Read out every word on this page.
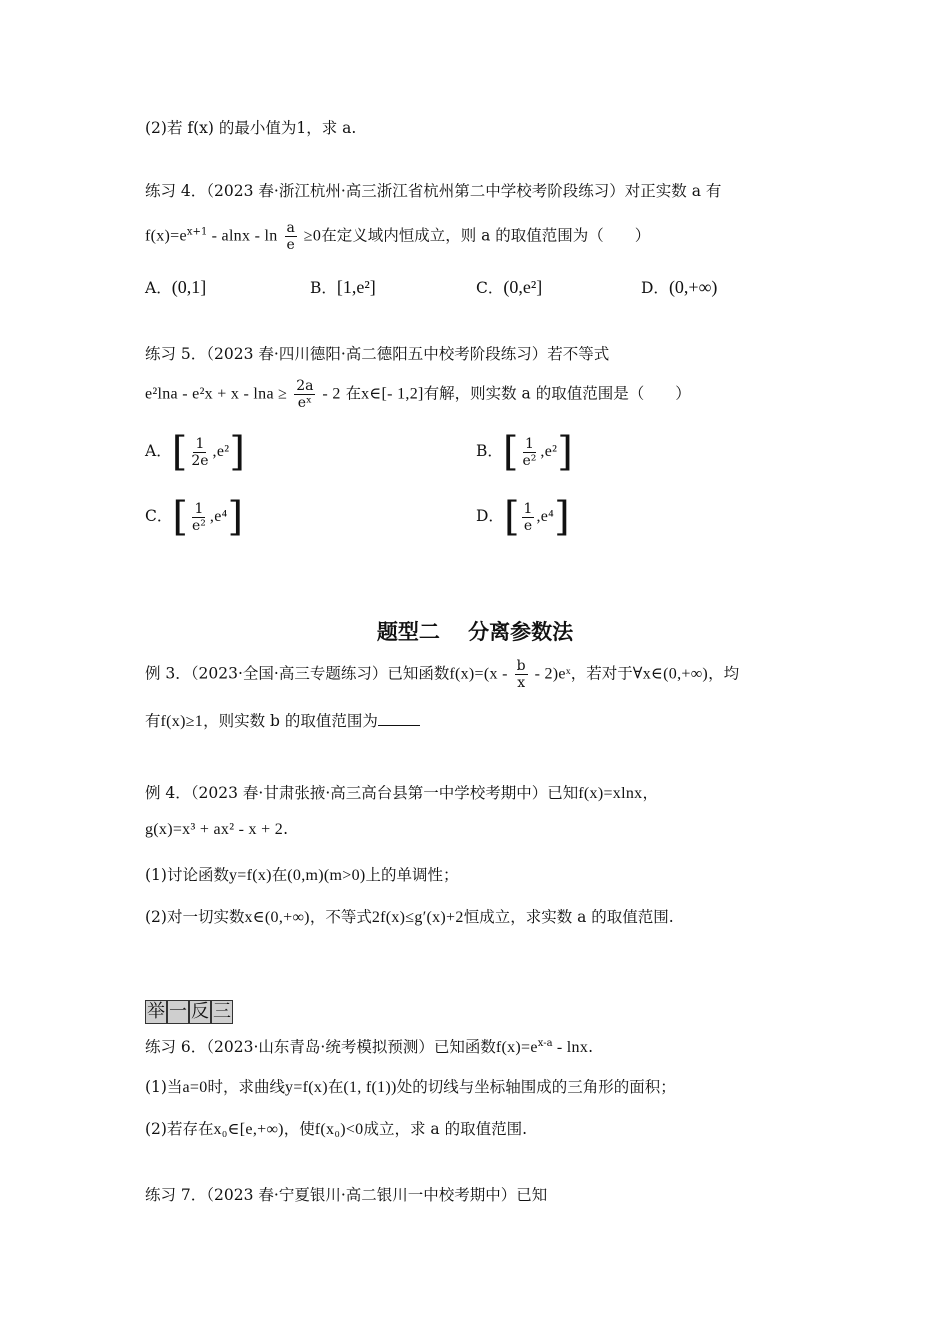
(2)若 f(x) 的最小值为1，求 a.
练习 4．（2023 春·浙江杭州·高三浙江省杭州第二中学校考阶段练习）对正实数 a 有
$f(x)=e^{x+1} - alnx - \ln \frac{a}{e} \ge 0$在定义域内恒成立，则 a 的取值范围为（　　）
A．(0,1]	B．[1,e²]	C．(0,e²]	D．(0,+∞)
练习 5．（2023 春·四川德阳·高二德阳五中校考阶段练习）若不等式
$e^2\ln a - e^2x + x - \ln a \ge \frac{2a}{\text{eˣ}} - 2$ 在x∈[- 1,2]有解，则实数 a 的取值范围是（　　）
A．[ $\frac{1}{2e} ,e^2$]	B．[ $\frac{1}{\text{e²}} ,e^2$]
C．[ $\frac{1}{\text{e²}} ,e^4$]	D．[ $\frac{1}{e} ,e^4$]
题型二　 分离参数法
例 3．（2023·全国·高三专题练习）已知函数$f(x)=(x - \frac{b}{x}$ - 2)eˣ，若对于∀x∈(0,+∞)，均
有f(x)≥1，则实数 b 的取值范围为
例 4．（2023 春·甘肃张掖·高三高台县第一中学校考期中）已知f(x)=xlnx，
g(x)=x³ + ax² - x + 2.
(1)讨论函数y=f(x)在(0,m)(m>0)上的单调性；
(2)对一切实数x∈(0,+∞)，不等式2f(x)≤g′(x)+2恒成立，求实数 a 的取值范围.
举 一 反 三
练习 6．（2023·山东青岛·统考模拟预测）已知函数$f(x)=e^{x-a} - \ln x$.
(1)当a=0时，求曲线y=f(x)在(1, f(1))处的切线与坐标轴围成的三角形的面积；
(2)若存在x₀∈[e,+∞)，使f(x₀)<0成立，求 a 的取值范围.
练习 7．（2023 春·宁夏银川·高二银川一中校考期中）已知
